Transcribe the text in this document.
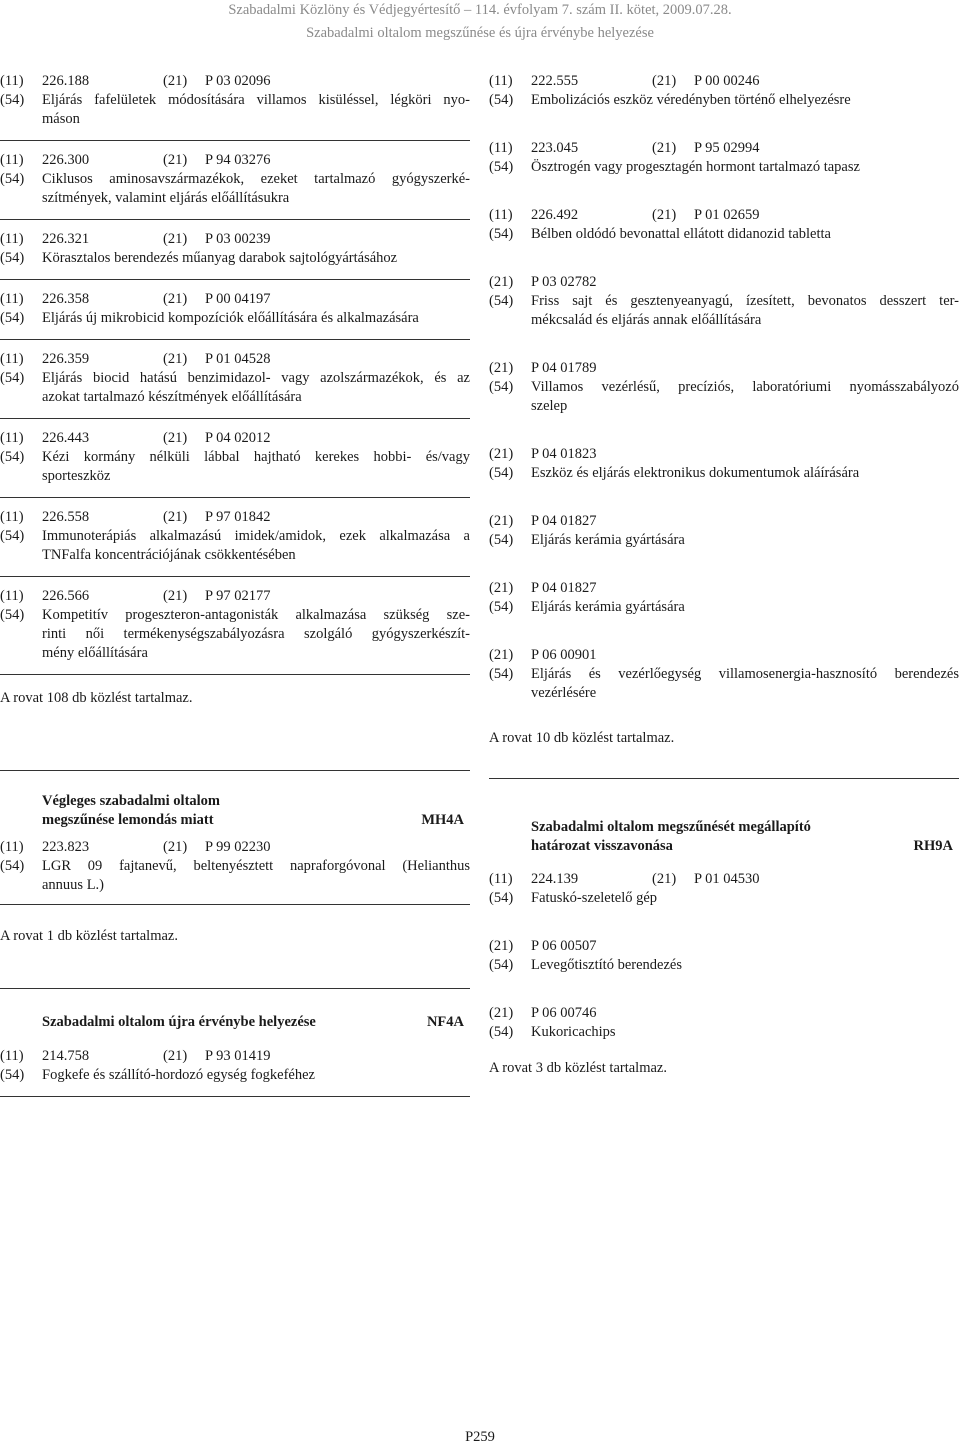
Szabadalmi Közlöny és Védjegyértesítő – 114. évfolyam 7. szám II. kötet, 2009.07.28.
Szabadalmi oltalom megszűnése és újra érvénybe helyezése
(11)	226.188	(21)	P 03 02096
(54)	Eljárás fafelületek módosítására villamos kisüléssel, légköri nyo-
máson
(11)	226.300	(21)	P 94 03276
(54)	Ciklusos aminosavszármazékok, ezeket tartalmazó gyógyszerké-
szítmények, valamint eljárás előállításukra
(11)	226.321	(21)	P 03 00239
(54)	Körasztalos berendezés műanyag darabok sajtológyártásához
(11)	226.358	(21)	P 00 04197
(54)	Eljárás új mikrobicid kompozíciók előállítására és alkalmazására
(11)	226.359	(21)	P 01 04528
(54)	Eljárás biocid hatású benzimidazol- vagy azolszármazékok, és az
azokat tartalmazó készítmények előállítására
(11)	226.443	(21)	P 04 02012
(54)	Kézi kormány nélküli lábbal hajtható kerekes hobbi- és/vagy
sporteszköz
(11)	226.558	(21)	P 97 01842
(54)	Immunoterápiás alkalmazású imidek/amidok, ezek alkalmazása a
TNFalfa koncentrációjának csökkentésében
(11)	226.566	(21)	P 97 02177
(54)	Kompetitív progeszteron-antagonisták alkalmazása szükség sze-
rinti női termékenységszabályozásra szolgáló gyógyszerkészít-
mény előállítására
A rovat 108 db közlést tartalmaz.
(11)	222.555	(21)	P 00 00246
(54)	Embolizációs eszköz véredényben történő elhelyezésre
(11)	223.045	(21)	P 95 02994
(54)	Ösztrogén vagy progesztagén hormont tartalmazó tapasz
(11)	226.492	(21)	P 01 02659
(54)	Bélben oldódó bevonattal ellátott didanozid tabletta
(21)	P 03 02782
(54)	Friss sajt és gesztenyeanyagú, ízesített, bevonatos desszert ter-
mékcsalád és eljárás annak előállítására
(21)	P 04 01789
(54)	Villamos vezérlésű, precíziós, laboratóriumi nyomásszabályozó
szelep
(21)	P 04 01823
(54)	Eszköz és eljárás elektronikus dokumentumok aláírására
(21)	P 04 01827
(54)	Eljárás kerámia gyártására
(21)	P 04 01827
(54)	Eljárás kerámia gyártására
(21)	P 06 00901
(54)	Eljárás és vezérlőegység villamosenergia-hasznosító berendezés
vezérlésére
A rovat 10 db közlést tartalmaz.
Végleges szabadalmi oltalom
megszűnése lemondás miatt	MH4A
(11)	223.823	(21)	P 99 02230
(54)	LGR 09 fajtanevű, beltenyésztett napraforgóvonal (Helianthus
annuus L.)
A rovat 1 db közlést tartalmaz.
Szabadalmi oltalom újra érvénybe helyezése	NF4A
(11)	214.758	(21)	P 93 01419
(54)	Fogkefe és szállító-hordozó egység fogkeféhez
Szabadalmi oltalom megszűnését megállapító
határozat visszavonása	RH9A
(11)	224.139	(21)	P 01 04530
(54)	Fatuskó-szeletelő gép
(21)	P 06 00507
(54)	Levegőtisztító berendezés
(21)	P 06 00746
(54)	Kukoricachips
A rovat 3 db közlést tartalmaz.
P259
